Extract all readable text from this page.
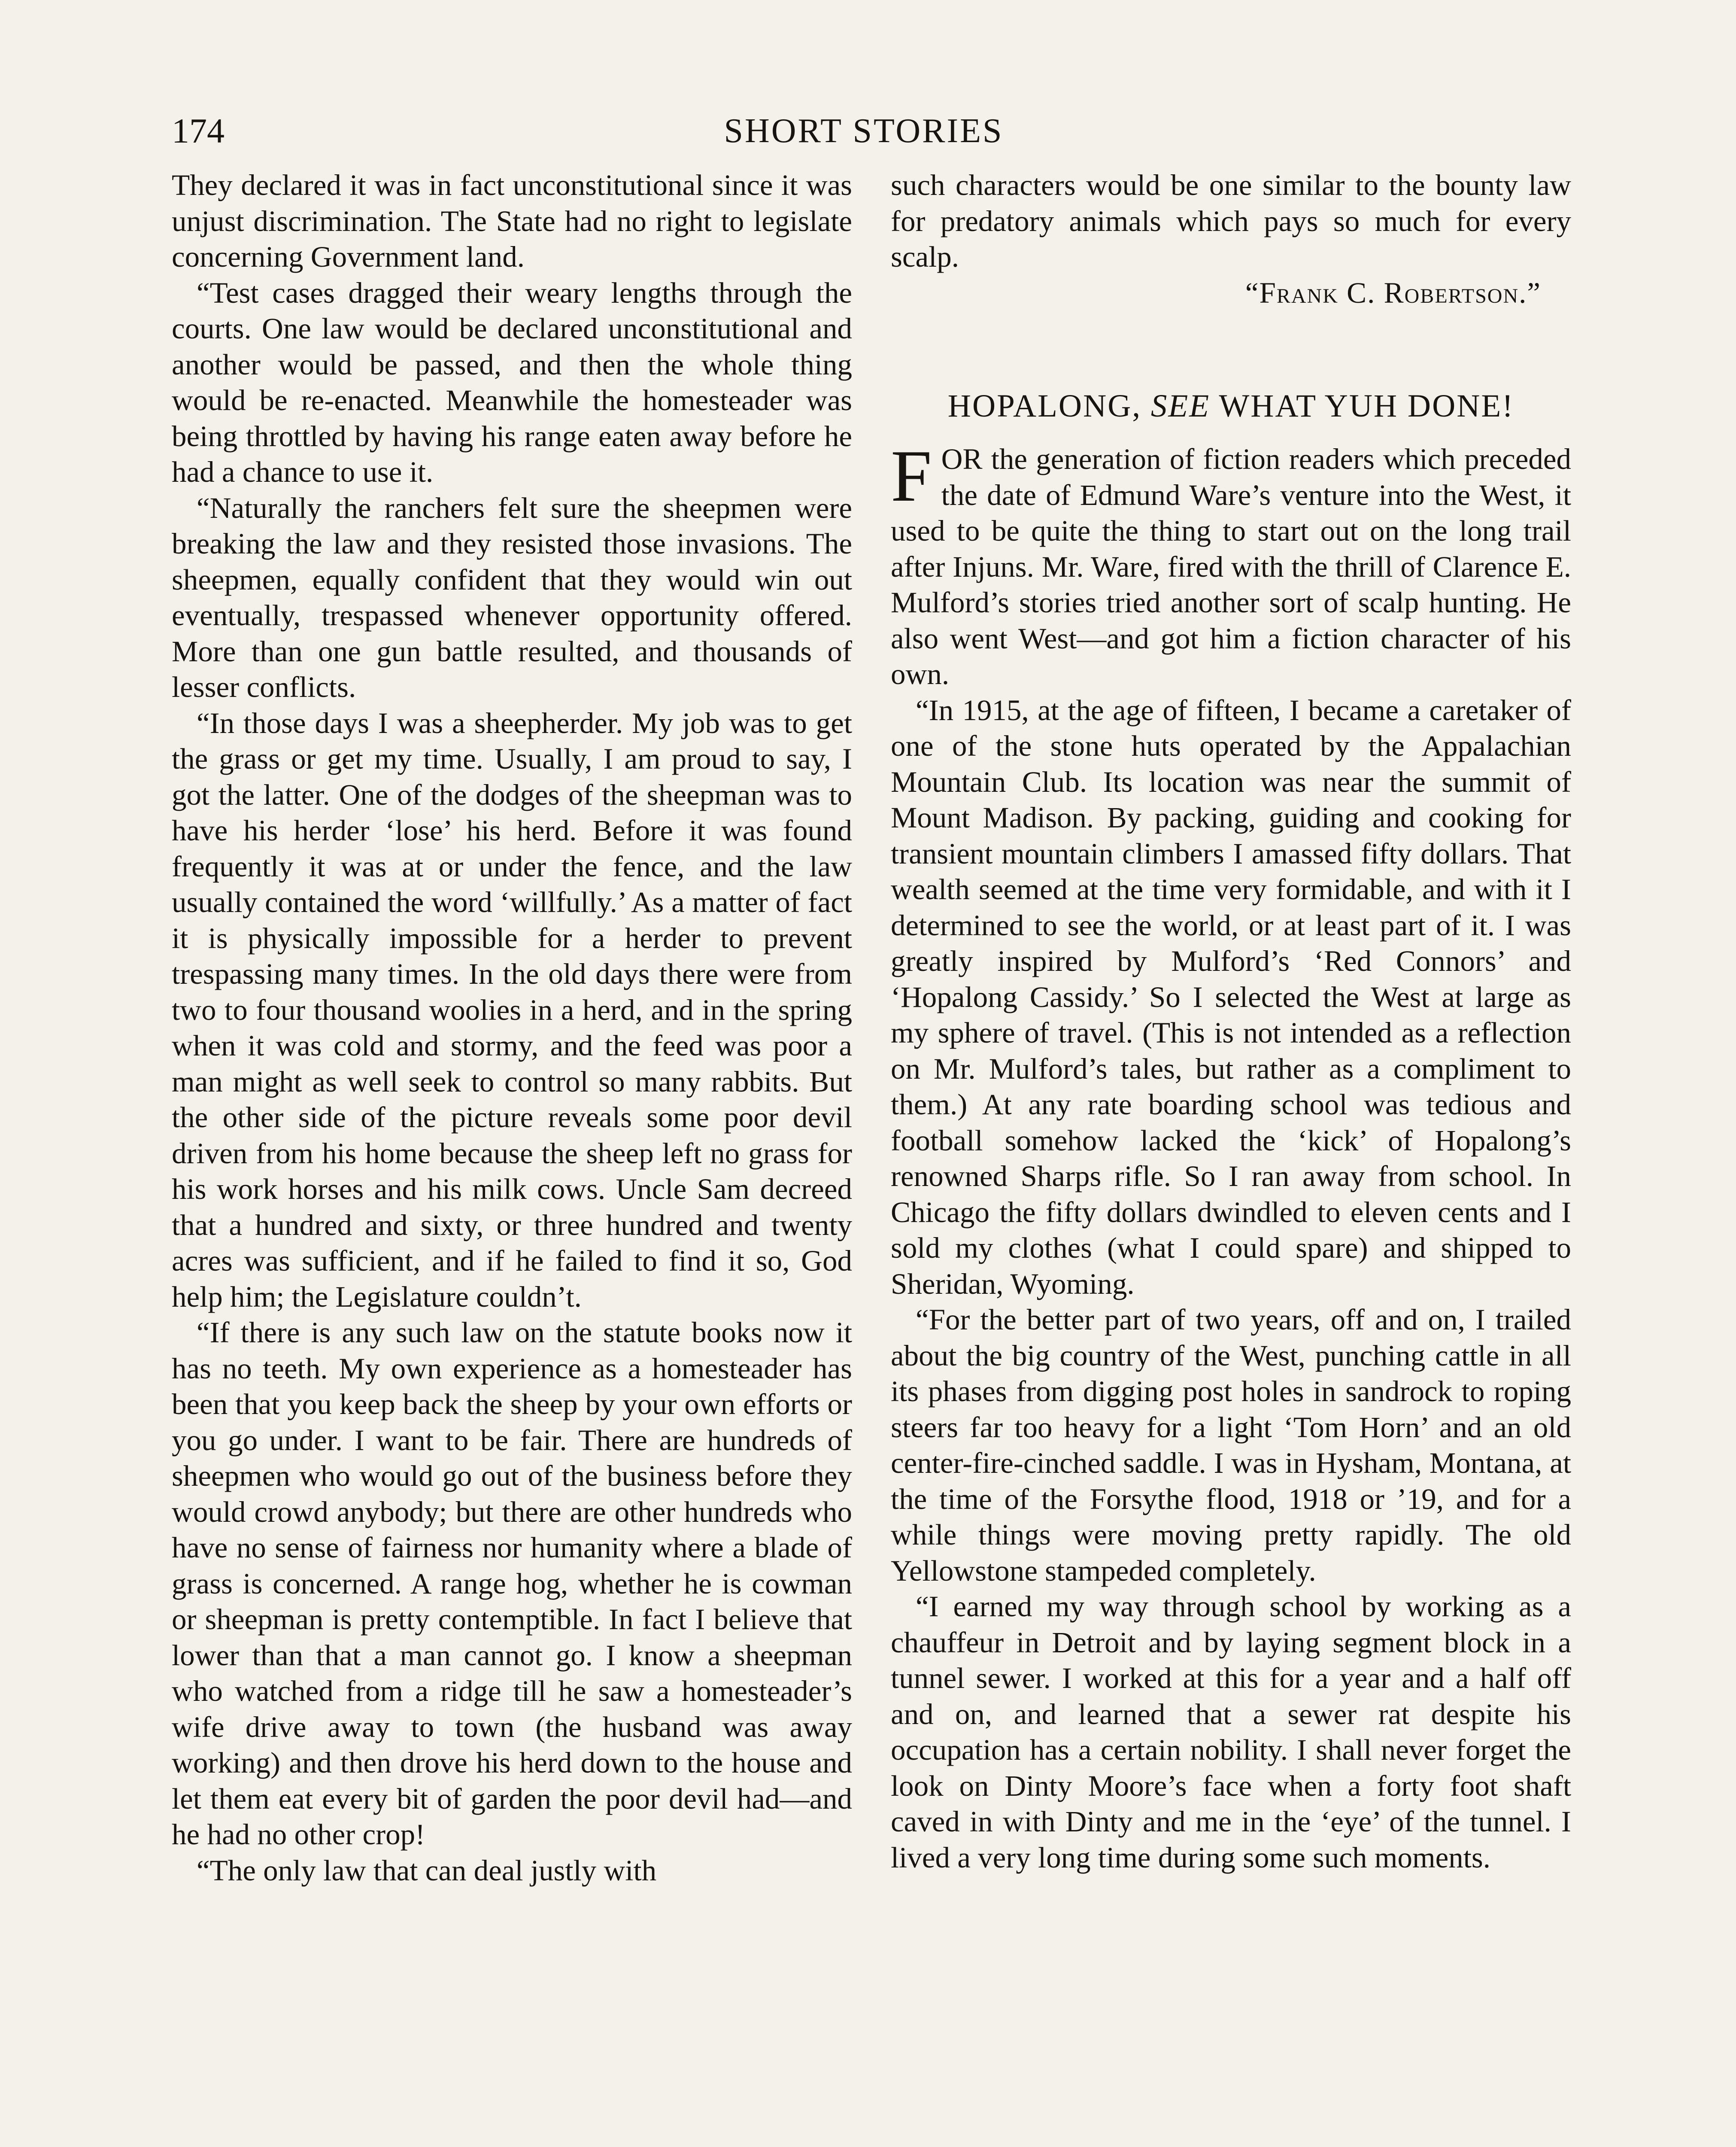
174	SHORT STORIES

They declared it was in fact unconstitutional since it was unjust discrimination. The State had no right to legislate concerning Government land.

“Test cases dragged their weary lengths through the courts. One law would be declared unconstitutional and another would be passed, and then the whole thing would be re-enacted. Meanwhile the homesteader was being throttled by having his range eaten away before he had a chance to use it.

“Naturally the ranchers felt sure the sheepmen were breaking the law and they resisted those invasions. The sheepmen, equally confident that they would win out eventually, trespassed whenever opportunity offered. More than one gun battle resulted, and thousands of lesser conflicts.

“In those days I was a sheepherder. My job was to get the grass or get my time. Usually, I am proud to say, I got the latter. One of the dodges of the sheepman was to have his herder ‘lose’ his herd. Before it was found frequently it was at or under the fence, and the law usually contained the word ‘willfully.’ As a matter of fact it is physically impossible for a herder to prevent trespassing many times. In the old days there were from two to four thousand woolies in a herd, and in the spring when it was cold and stormy, and the feed was poor a man might as well seek to control so many rabbits. But the other side of the picture reveals some poor devil driven from his home because the sheep left no grass for his work horses and his milk cows. Uncle Sam decreed that a hundred and sixty, or three hundred and twenty acres was sufficient, and if he failed to find it so, God help him; the Legislature couldn’t.

“If there is any such law on the statute books now it has no teeth. My own experience as a homesteader has been that you keep back the sheep by your own efforts or you go under. I want to be fair. There are hundreds of sheepmen who would go out of the business before they would crowd anybody; but there are other hundreds who have no sense of fairness nor humanity where a blade of grass is concerned. A range hog, whether he is cowman or sheepman is pretty contemptible. In fact I believe that lower than that a man cannot go. I know a sheepman who watched from a ridge till he saw a homesteader’s wife drive away to town (the husband was away working) and then drove his herd down to the house and let them eat every bit of garden the poor devil had—and he had no other crop!

“The only law that can deal justly with

such characters would be one similar to the bounty law for predatory animals which pays so much for every scalp.

“Frank C. Robertson.”

HOPALONG, SEE WHAT YUH DONE!

FOR the generation of fiction readers which preceded the date of Edmund Ware’s venture into the West, it used to be quite the thing to start out on the long trail after Injuns. Mr. Ware, fired with the thrill of Clarence E. Mulford’s stories tried another sort of scalp hunting. He also went West—and got him a fiction character of his own.

“In 1915, at the age of fifteen, I became a caretaker of one of the stone huts operated by the Appalachian Mountain Club. Its location was near the summit of Mount Madison. By packing, guiding and cooking for transient mountain climbers I amassed fifty dollars. That wealth seemed at the time very formidable, and with it I determined to see the world, or at least part of it. I was greatly inspired by Mulford’s ‘Red Connors’ and ‘Hopalong Cassidy.’ So I selected the West at large as my sphere of travel. (This is not intended as a reflection on Mr. Mulford’s tales, but rather as a compliment to them.) At any rate boarding school was tedious and football somehow lacked the ‘kick’ of Hopalong’s renowned Sharps rifle. So I ran away from school. In Chicago the fifty dollars dwindled to eleven cents and I sold my clothes (what I could spare) and shipped to Sheridan, Wyoming.

“For the better part of two years, off and on, I trailed about the big country of the West, punching cattle in all its phases from digging post holes in sandrock to roping steers far too heavy for a light ‘Tom Horn’ and an old center-fire-cinched saddle. I was in Hysham, Montana, at the time of the Forsythe flood, 1918 or ’19, and for a while things were moving pretty rapidly. The old Yellowstone stampeded completely.

“I earned my way through school by working as a chauffeur in Detroit and by laying segment block in a tunnel sewer. I worked at this for a year and a half off and on, and learned that a sewer rat despite his occupation has a certain nobility. I shall never forget the look on Dinty Moore’s face when a forty foot shaft caved in with Dinty and me in the ‘eye’ of the tunnel. I lived a very long time during some such moments.
